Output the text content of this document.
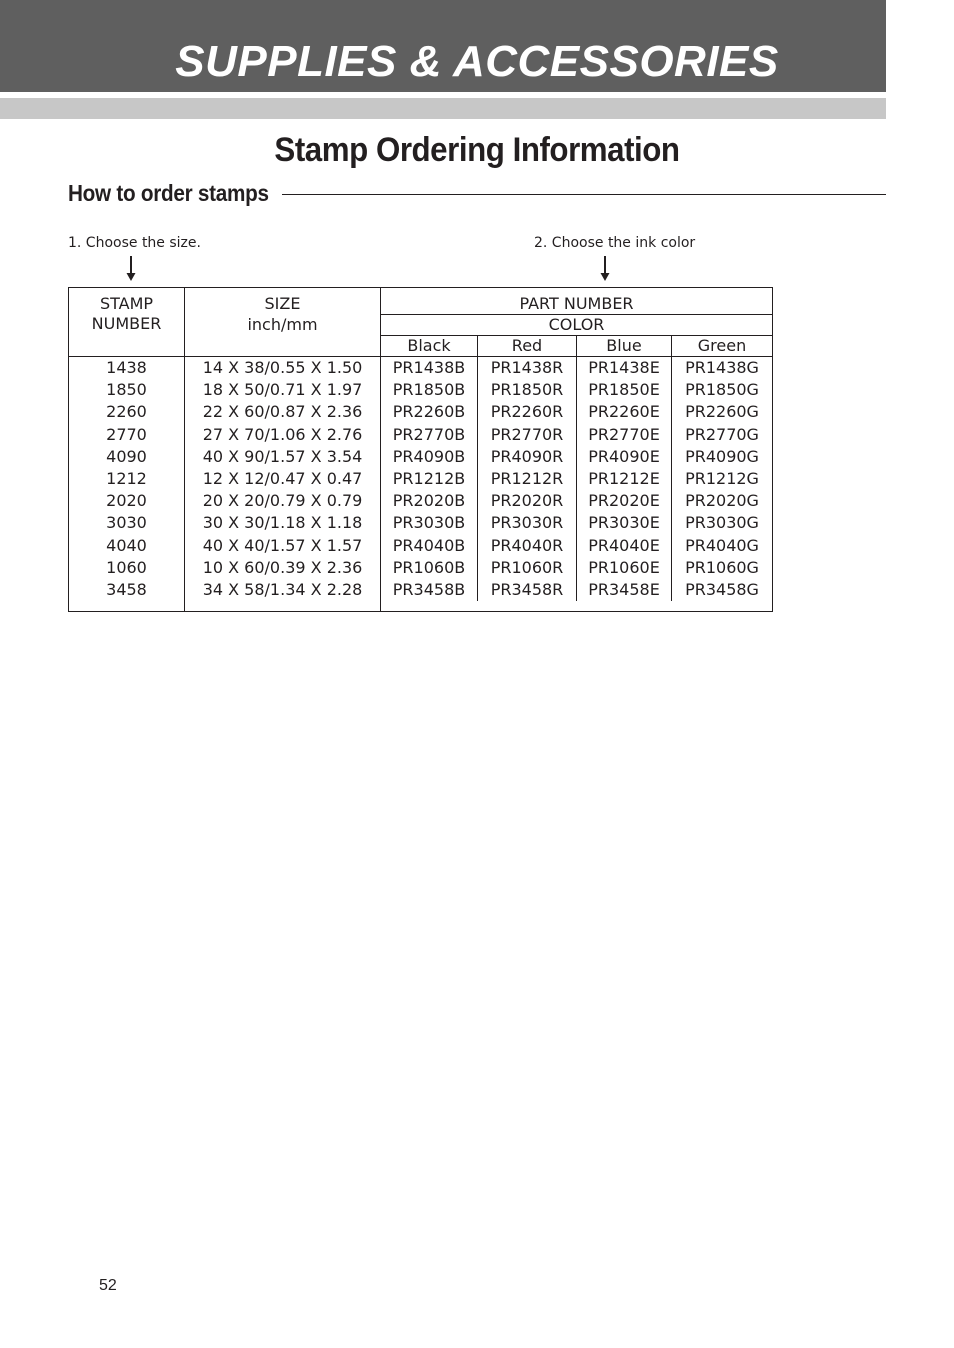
SUPPLIES & ACCESSORIES
Stamp Ordering Information
How to order stamps
1. Choose the size.	2. Choose the ink color
STAMP
NUMBER	SIZE	PART NUMBER			
	inch/mm	COLOR			
		Black	Red	Blue	Green
1438	14 X 38/0.55 X 1.50	PR1438B	PR1438R	PR1438E	PR1438G
1850	18 X 50/0.71 X 1.97	PR1850B	PR1850R	PR1850E	PR1850G
2260	22 X 60/0.87 X 2.36	PR2260B	PR2260R	PR2260E	PR2260G
2770	27 X 70/1.06 X 2.76	PR2770B	PR2770R	PR2770E	PR2770G
4090	40 X 90/1.57 X 3.54	PR4090B	PR4090R	PR4090E	PR4090G
1212	12 X 12/0.47 X 0.47	PR1212B	PR1212R	PR1212E	PR1212G
2020	20 X 20/0.79 X 0.79	PR2020B	PR2020R	PR2020E	PR2020G
3030	30 X 30/1.18 X 1.18	PR3030B	PR3030R	PR3030E	PR3030G
4040	40 X 40/1.57 X 1.57	PR4040B	PR4040R	PR4040E	PR4040G
1060	10 X 60/0.39 X 2.36	PR1060B	PR1060R	PR1060E	PR1060G
3458	34 X 58/1.34 X 2.28	PR3458B	PR3458R	PR3458E	PR3458G

52
